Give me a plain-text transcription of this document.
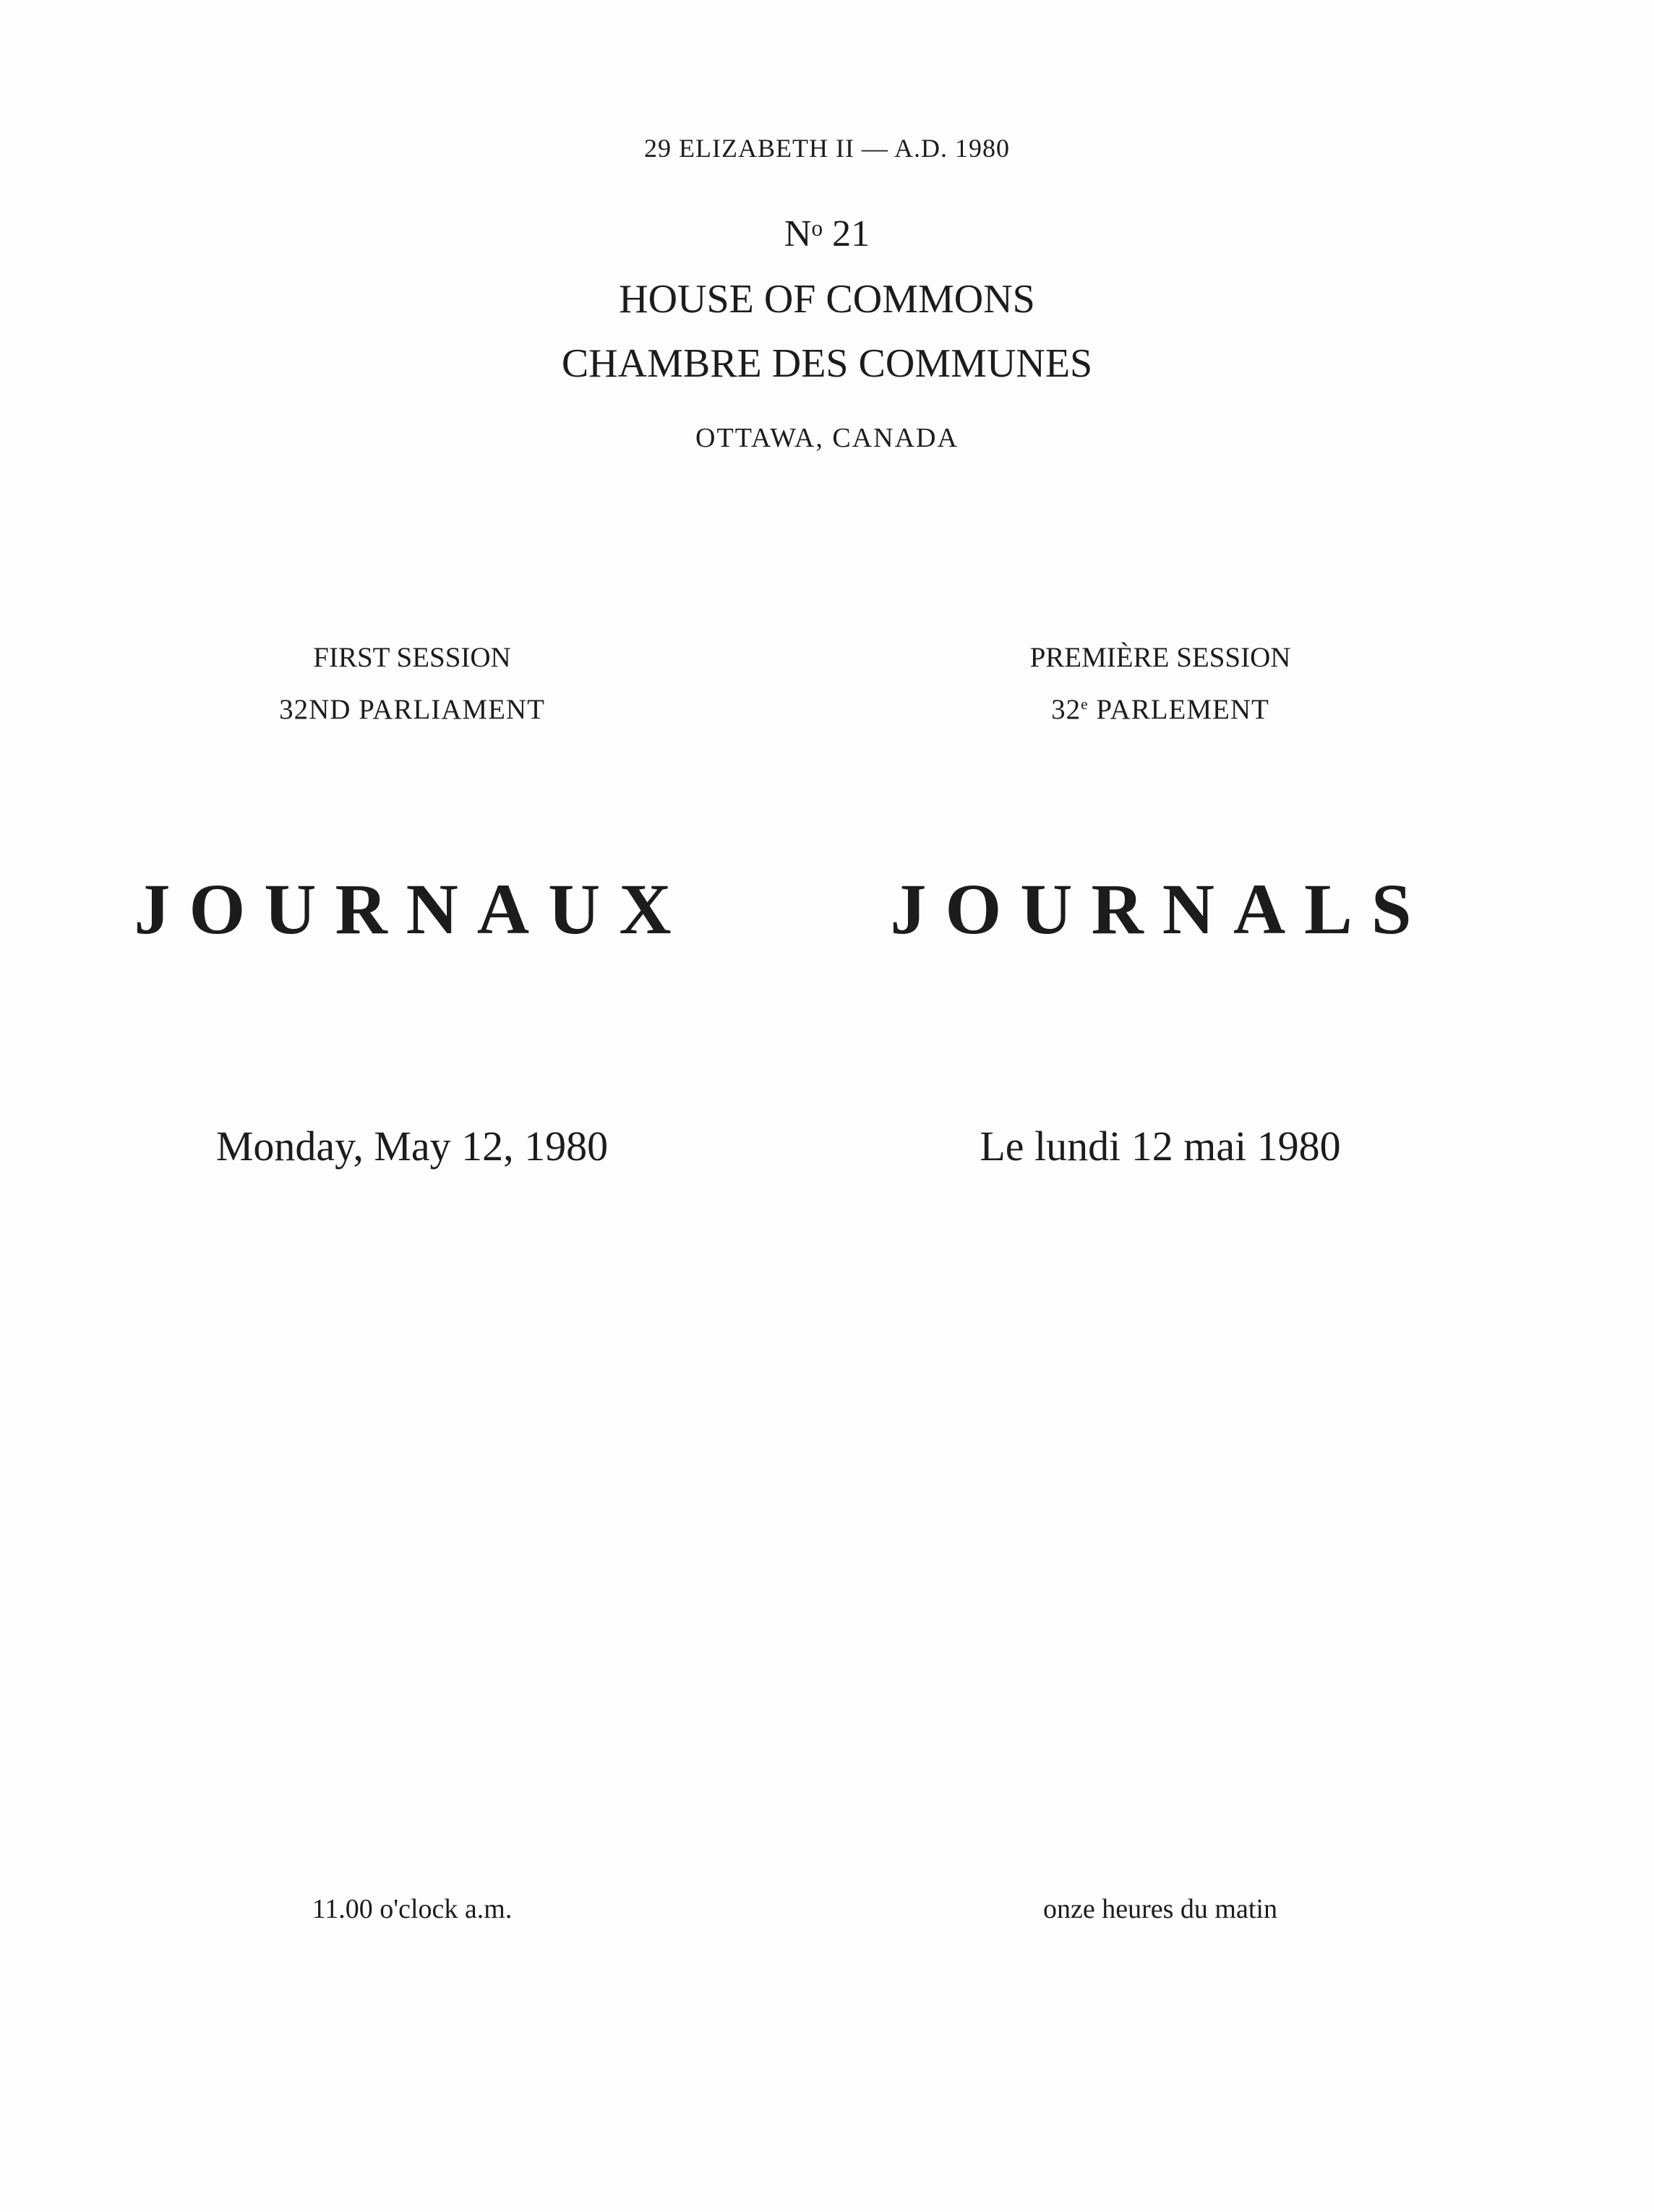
29 ELIZABETH II — A.D. 1980
$N^o$ 21
HOUSE OF COMMONS
CHAMBRE DES COMMUNES
OTTAWA, CANADA
FIRST SESSION	PREMIÈRE SESSION
32ND PARLIAMENT	32e PARLEMENT
JOURNAUX	JOURNALS
Monday, May 12, 1980	Le lundi 12 mai 1980
11.00 o'clock a.m.	onze heures du matin
